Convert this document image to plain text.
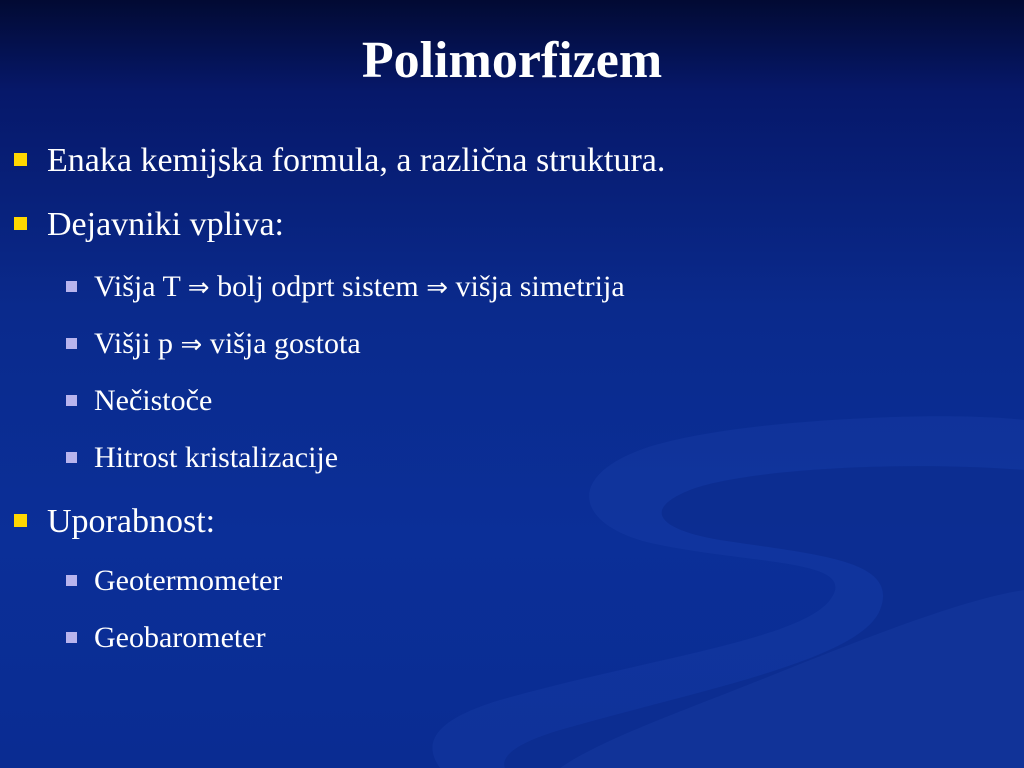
Polimorfizem
Enaka kemijska formula, a različna struktura.
Dejavniki vpliva:
Višja T ⇒ bolj odprt sistem ⇒ višja simetrija
Višji p ⇒ višja gostota
Nečistoče
Hitrost kristalizacije
Uporabnost:
Geotermometer
Geobarometer
